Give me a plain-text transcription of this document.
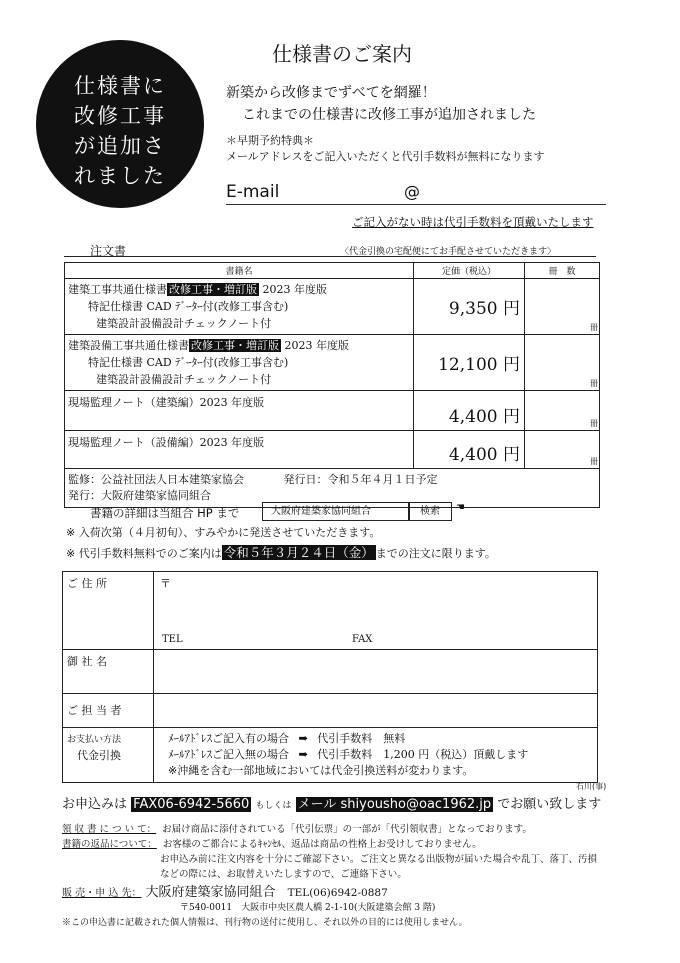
仕様書に
改修工事
が追加さ
れました
仕様書のご案内
新築から改修までずべてを網羅！
これまでの仕様書に改修工事が追加されました
＊早期予約特典＊
メールアドレスをご記入いただくと代引手数料が無料になります
E-mail	@
ご記入がない時は代引手数料を頂戴いたします
注文書	〈代金引換の宅配便にてお手配させていただきます〉
書籍名	定価（税込）	冊　数
建築工事共通仕様書 改修工事・増訂版 2023 年度版
特記仕様書 CAD ﾃﾞｰﾀｰ付(改修工事含む)
建築設計設備設計チェックノート付	9,350 円	冊
建築設備工事共通仕様書 改修工事・増訂版 2023 年度版
特記仕様書 CAD ﾃﾞｰﾀｰ付(改修工事含む)
建築設計設備設計チェックノート付	12,100 円	冊
現場監理ノート（建築編）2023 年度版	4,400 円	冊
現場監理ノート（設備編）2023 年度版	4,400 円	冊
監修：公益社団法人日本建築家協会 発行日：令和５年４月１日予定
発行：大阪府建築家協同組合		
書籍の詳細は当組合 HP まで	大阪府建築家協同組合	検索	☚
※ 入荷次第（４月初旬）、すみやかに発送させていただきます。
※ 代引手数料無料でのご案内は 令和５年３月２４日（金） までの注文に限ります。
ご 住 所	〒
TEL FAX

御 社 名	
ご 担 当 者	
お支払い方法
代金引換	ﾒｰﾙｱﾄﾞﾚｽご記入有の場合 ➡ 代引手数料　無料
ﾒｰﾙｱﾄﾞﾚｽご記入無の場合 ➡ 代引手数料　1,200 円（税込）頂戴します
※沖縄を含む一部地域においては代金引換送料が変わります。
石川(事)
お申込みは FAX06-6942-5660 もしくは メール shiyousho@oac1962.jp でお願い致します
領 収 書 に つ い て： お届け商品に添付されている「代引伝票」の一部が「代引領収書」となっております。
書籍の返品について： お客様のご都合によるｷｬﾝｾﾙ、返品は商品の性格上お受けしておりません。
お申込み前に注文内容を十分にご確認下さい。ご注文と異なる出版物が届いた場合や乱丁、落丁、汚損
などの際には、お取替えいたしますので、ご連絡下さい。
販 売・申 込 先： 大阪府建築家協同組合 TEL(06)6942-0887
〒540-0011　大阪市中央区農人橋 2-1-10(大阪建築会館 3 階)
※この申込書に記載された個人情報は、刊行物の送付に使用し、それ以外の目的には使用しません。
